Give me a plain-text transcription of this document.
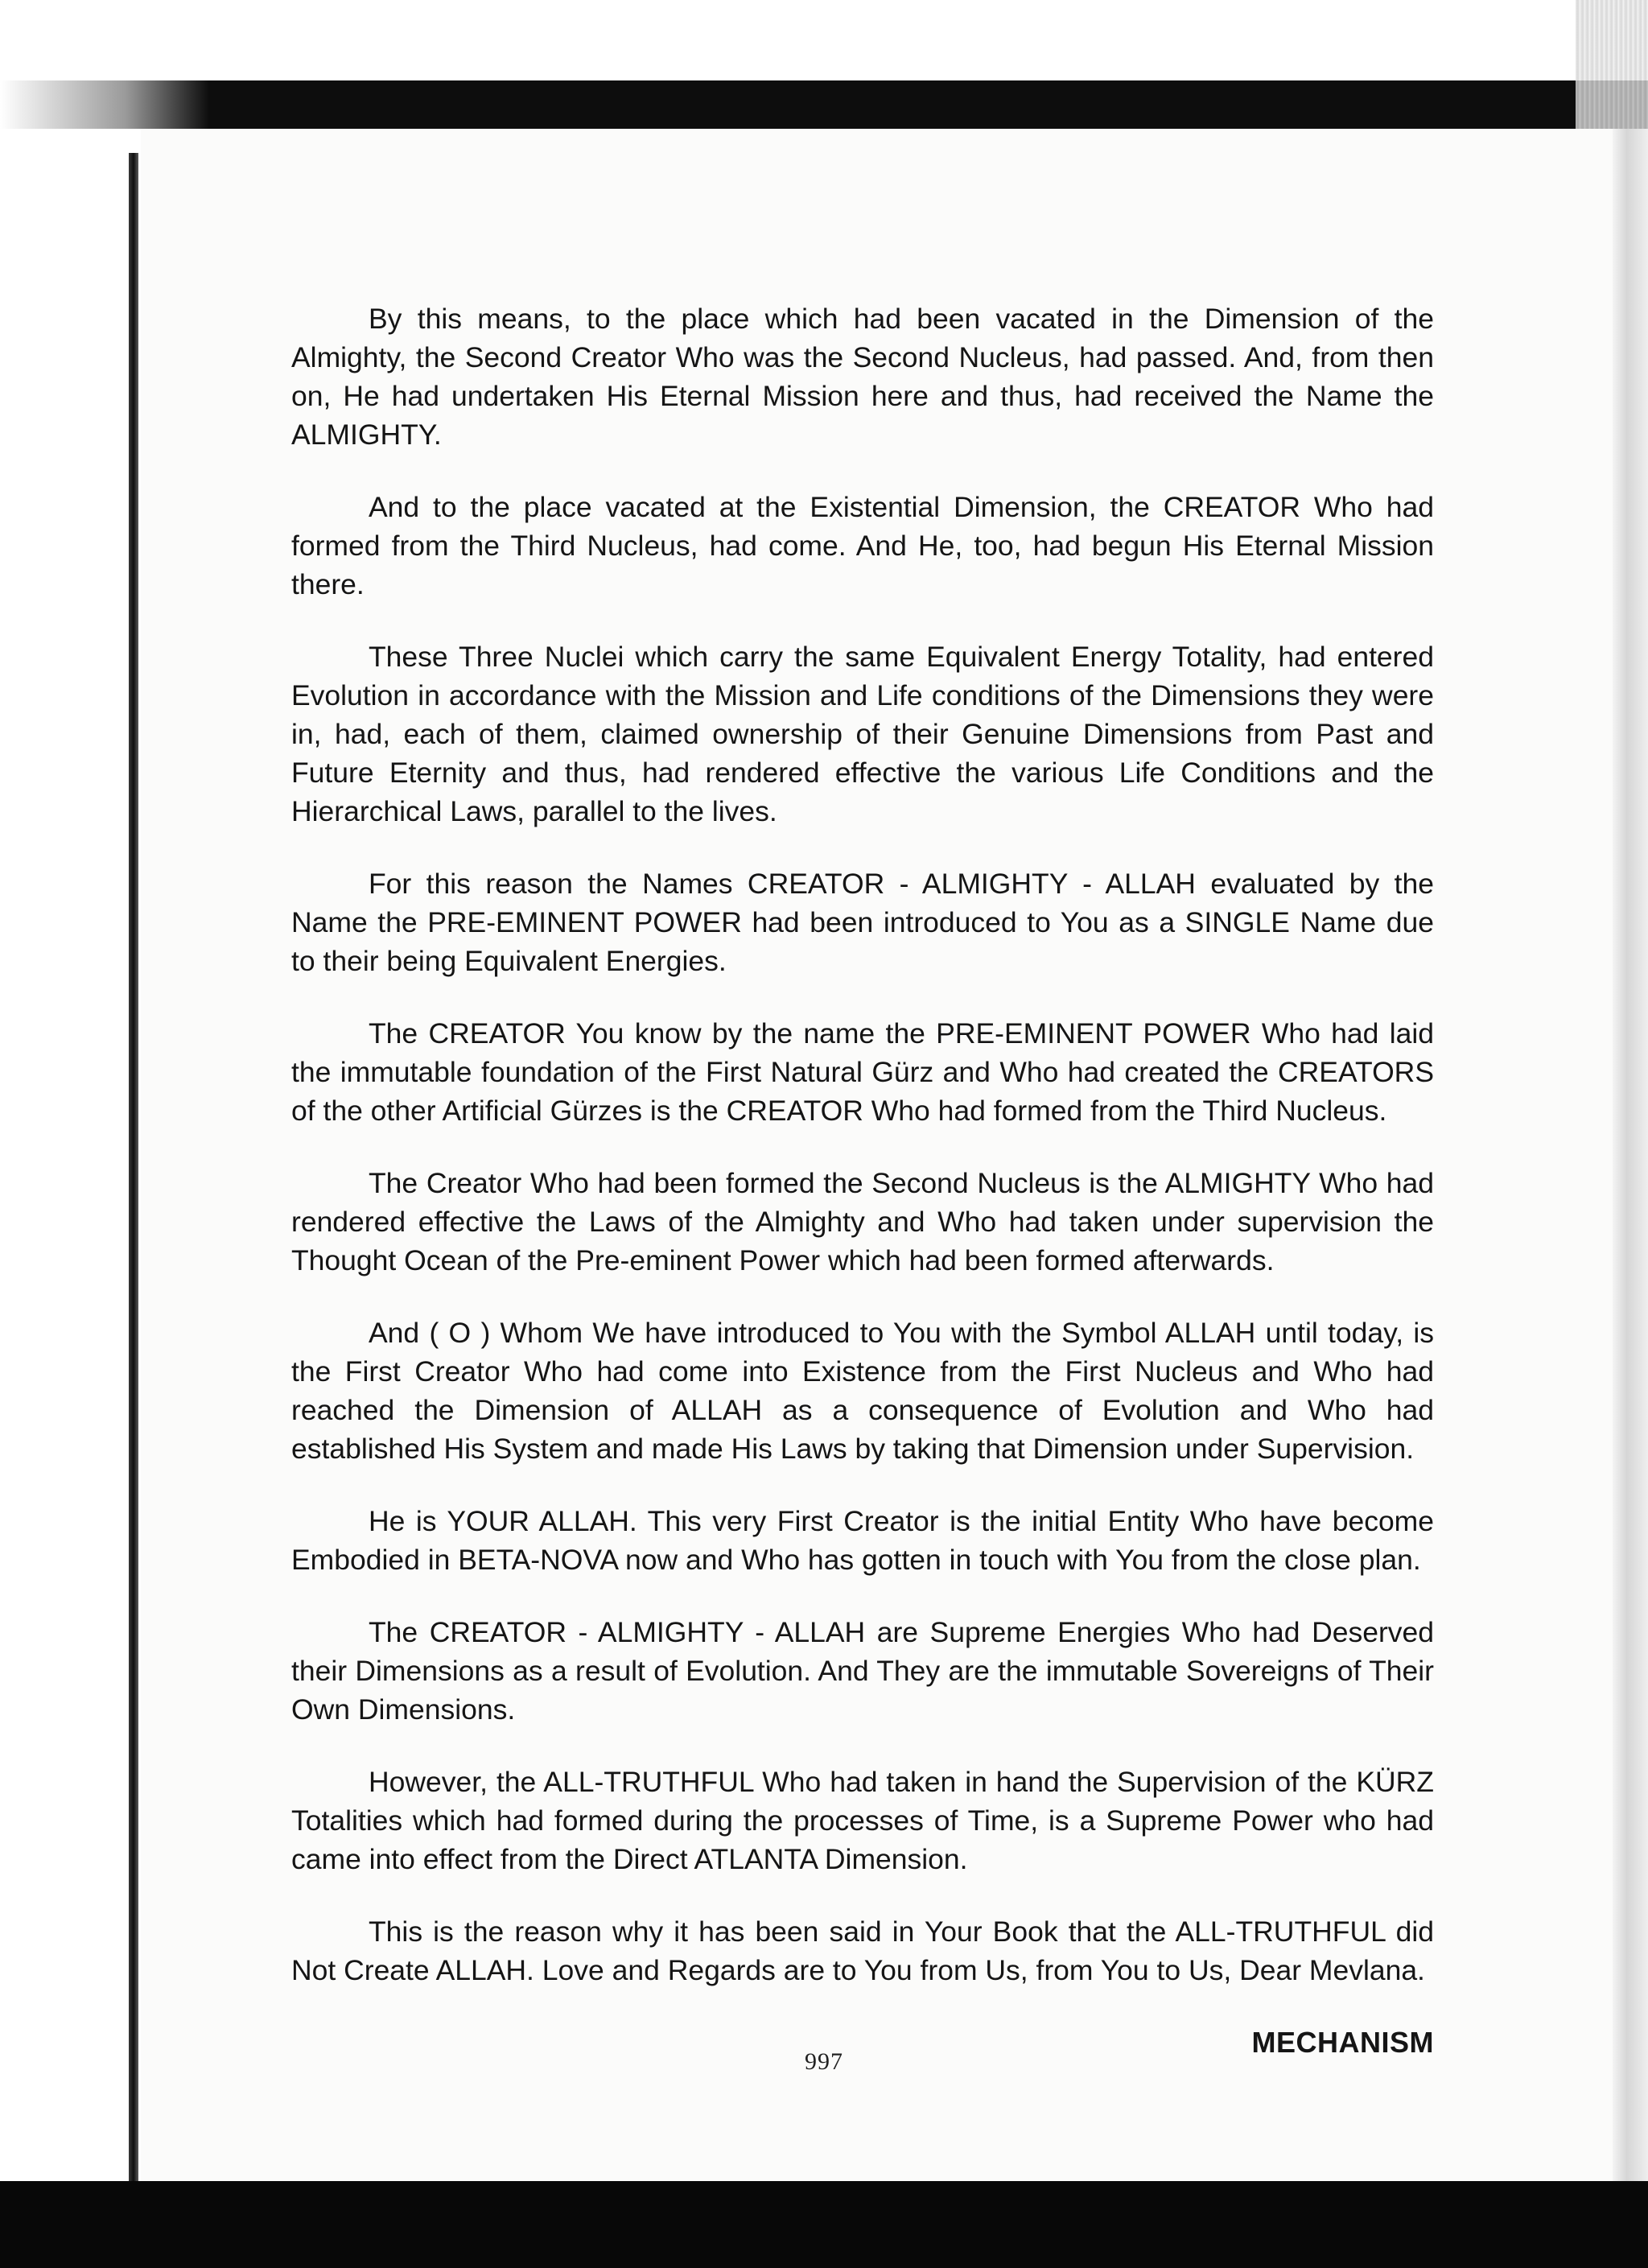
By this means, to the place which had been vacated in the Dimension of the Almighty, the Second Creator Who was the Second Nucleus, had passed. And, from then on, He had undertaken His Eternal Mission here and thus, had received the Name the ALMIGHTY.

And to the place vacated at the Existential Dimension, the CREATOR Who had formed from the Third Nucleus, had come. And He, too, had begun His Eternal Mission there.

These Three Nuclei which carry the same Equivalent Energy Totality, had entered Evolution in accordance with the Mission and Life conditions of the Dimensions they were in, had, each of them, claimed ownership of their Genuine Dimensions from Past and Future Eternity and thus, had rendered effective the various Life Conditions and the Hierarchical Laws, parallel to the lives.

For this reason the Names CREATOR - ALMIGHTY - ALLAH evaluated by the Name the PRE-EMINENT POWER had been introduced to You as a SINGLE Name due to their being Equivalent Energies.

The CREATOR You know by the name the PRE-EMINENT POWER Who had laid the immutable foundation of the First Natural Gürz and Who had created the CREATORS of the other Artificial Gürzes is the CREATOR Who had formed from the Third Nucleus.

The Creator Who had been formed the Second Nucleus is the ALMIGHTY Who had rendered effective the Laws of the Almighty and Who had taken under supervision the Thought Ocean of the Pre-eminent Power which had been formed afterwards.

And ( O ) Whom We have introduced to You with the Symbol ALLAH until today, is the First Creator Who had come into Existence from the First Nucleus and Who had reached the Dimension of ALLAH as a consequence of Evolution and Who had established His System and made His Laws by taking that Dimension under Supervision.

He is YOUR ALLAH. This very First Creator is the initial Entity Who have become Embodied in BETA-NOVA now and Who has gotten in touch with You from the close plan.

The CREATOR - ALMIGHTY - ALLAH are Supreme Energies Who had Deserved their Dimensions as a result of Evolution. And They are the immutable Sovereigns of Their Own Dimensions.

However, the ALL-TRUTHFUL Who had taken in hand the Supervision of the KÜRZ Totalities which had formed during the processes of Time, is a Supreme Power who had came into effect from the Direct ATLANTA Dimension.

This is the reason why it has been said in Your Book that the ALL-TRUTHFUL did Not Create ALLAH. Love and Regards are to You from Us, from You to Us, Dear Mevlana.

MECHANISM
997
